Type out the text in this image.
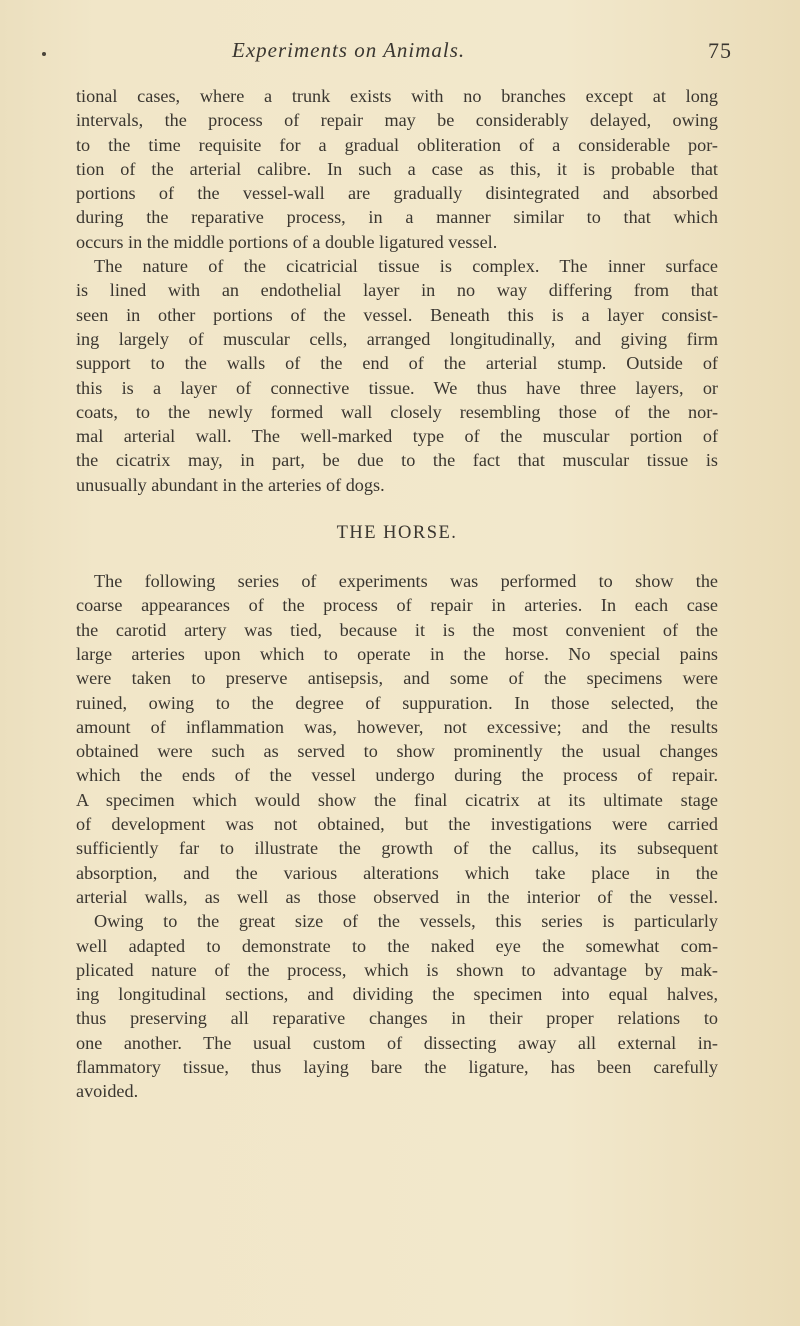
Experiments on Animals.	75
tional cases, where a trunk exists with no branches except at long
intervals, the process of repair may be considerably delayed, owing
to the time requisite for a gradual obliteration of a considerable por-
tion of the arterial calibre. In such a case as this, it is probable that
portions of the vessel-wall are gradually disintegrated and absorbed
during the reparative process, in a manner similar to that which
occurs in the middle portions of a double ligatured vessel.
The nature of the cicatricial tissue is complex. The inner surface
is lined with an endothelial layer in no way differing from that
seen in other portions of the vessel. Beneath this is a layer consist-
ing largely of muscular cells, arranged longitudinally, and giving firm
support to the walls of the end of the arterial stump. Outside of
this is a layer of connective tissue. We thus have three layers, or
coats, to the newly formed wall closely resembling those of the nor-
mal arterial wall. The well-marked type of the muscular portion of
the cicatrix may, in part, be due to the fact that muscular tissue is
unusually abundant in the arteries of dogs.
THE HORSE.
The following series of experiments was performed to show the
coarse appearances of the process of repair in arteries. In each case
the carotid artery was tied, because it is the most convenient of the
large arteries upon which to operate in the horse. No special pains
were taken to preserve antisepsis, and some of the specimens were
ruined, owing to the degree of suppuration. In those selected, the
amount of inflammation was, however, not excessive; and the results
obtained were such as served to show prominently the usual changes
which the ends of the vessel undergo during the process of repair.
A specimen which would show the final cicatrix at its ultimate stage
of development was not obtained, but the investigations were carried
sufficiently far to illustrate the growth of the callus, its subsequent
absorption, and the various alterations which take place in the
arterial walls, as well as those observed in the interior of the vessel.
Owing to the great size of the vessels, this series is particularly
well adapted to demonstrate to the naked eye the somewhat com-
plicated nature of the process, which is shown to advantage by mak-
ing longitudinal sections, and dividing the specimen into equal halves,
thus preserving all reparative changes in their proper relations to
one another. The usual custom of dissecting away all external in-
flammatory tissue, thus laying bare the ligature, has been carefully
avoided.
